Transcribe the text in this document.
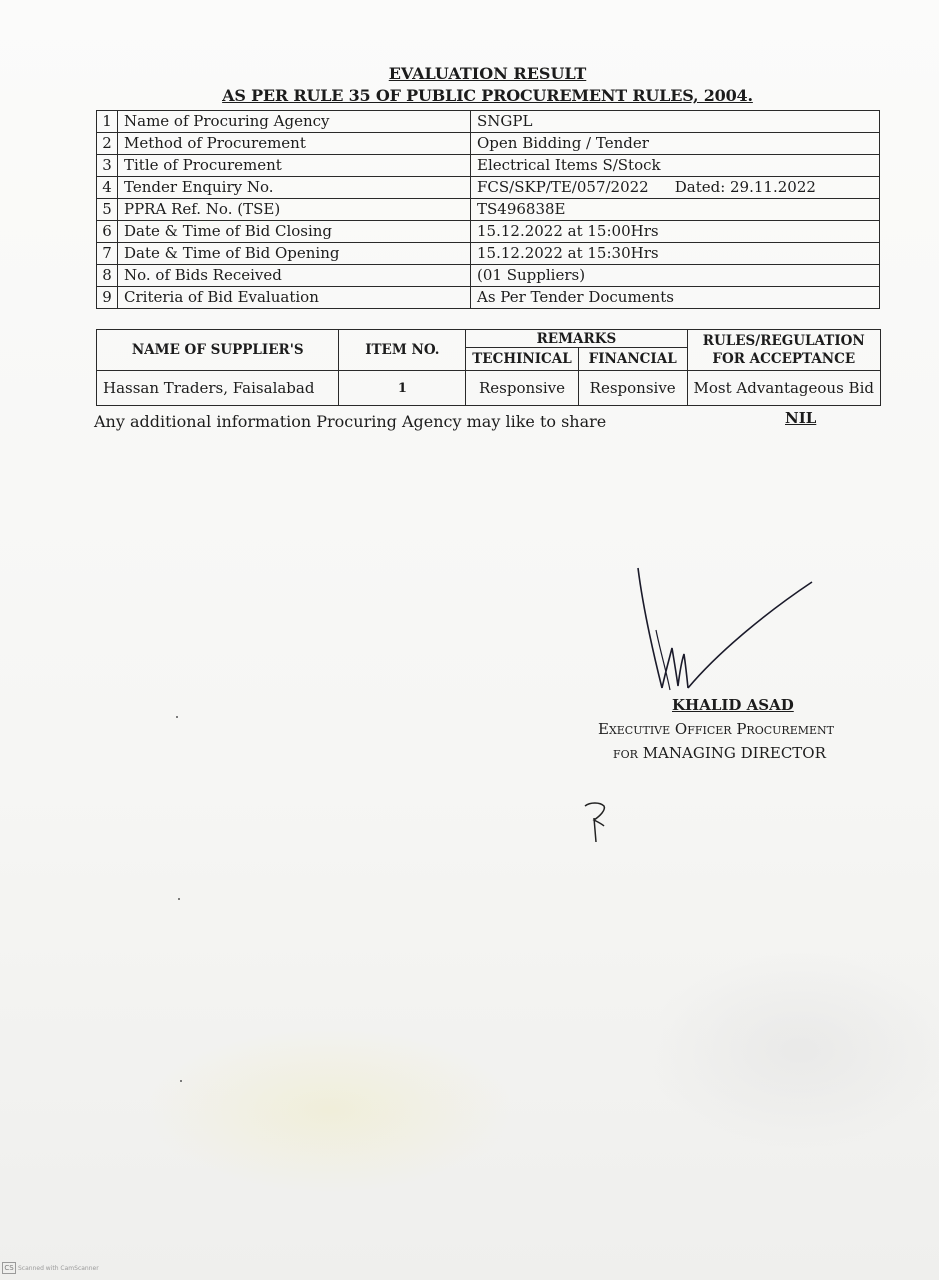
EVALUATION RESULT
AS PER RULE 35 OF PUBLIC PROCUREMENT RULES, 2004.
1	Name of Procuring Agency	SNGPL
2	Method of Procurement	Open Bidding / Tender
3	Title of Procurement	Electrical Items S/Stock
4	Tender Enquiry No.	FCS/SKP/TE/057/2022 Dated: 29.11.2022
5	PPRA Ref. No. (TSE)	TS496838E
6	Date & Time of Bid Closing	15.12.2022 at 15:00Hrs
7	Date & Time of Bid Opening	15.12.2022 at 15:30Hrs
8	No. of Bids Received	(01 Suppliers)
9	Criteria of Bid Evaluation	As Per Tender Documents
NAME OF SUPPLIER'S	ITEM NO.	REMARKS		RULES/REGULATION
FOR ACCEPTANCE

		TECHINICAL	FINANCIAL	
Hassan Traders, Faisalabad	1	Responsive	Responsive	Most Advantageous Bid
Any additional information Procuring Agency may like to share	NIL
KHALID ASAD
Executive Officer Procurement
for MANAGING DIRECTOR
CS Scanned with CamScanner
